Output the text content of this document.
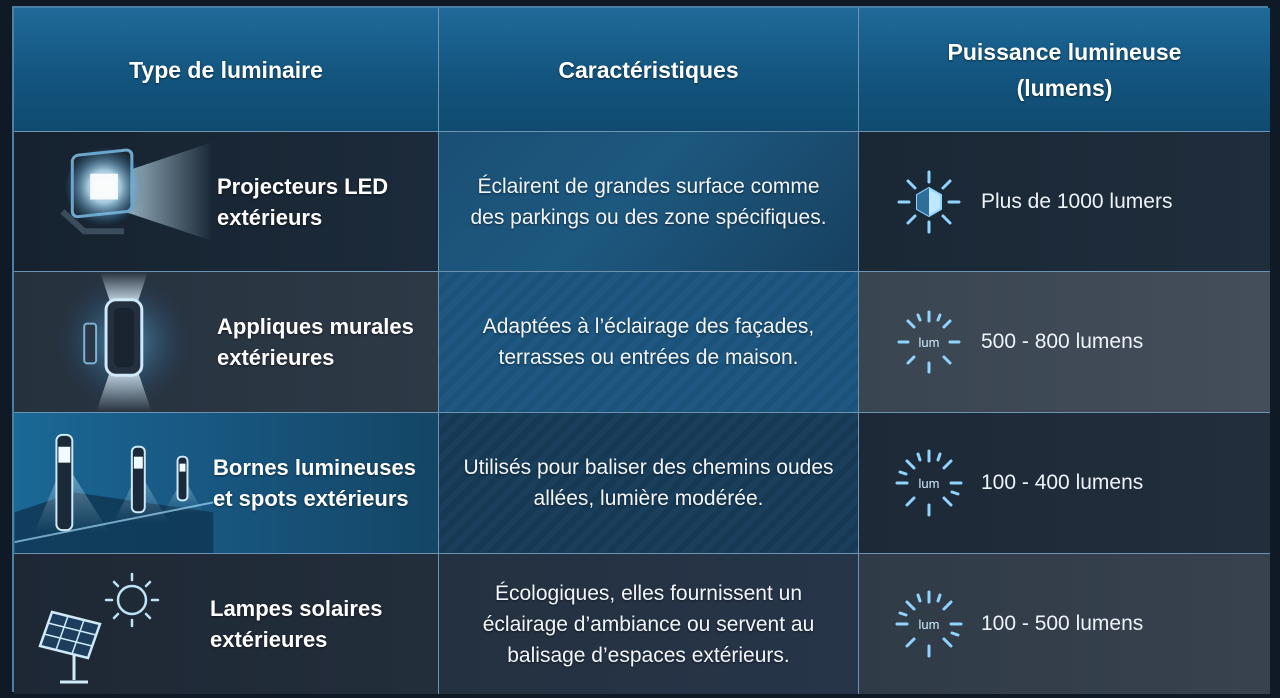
Type de luminaire	Caractéristiques
Puissance lumineuse
(lumens)
Projecteurs LED
extérieurs
Éclairent de grandes surface comme
des parkings ou des zone spécifiques.
Plus de 1000 lumers
Appliques murales
extérieures
Adaptées à l’éclairage des façades,
terrasses ou entrées de maison.
lum 500 - 800 lumens
Bornes lumineuses
et spots extérieurs
Utilisés pour baliser des chemins oudes
allées, lumière modérée.
lum 100 - 400 lumens
Lampes solaires
extérieures
Écologiques, elles fournissent un
éclairage d’ambiance ou servent au
balisage d’espaces extérieurs.
lum 100 - 500 lumens
